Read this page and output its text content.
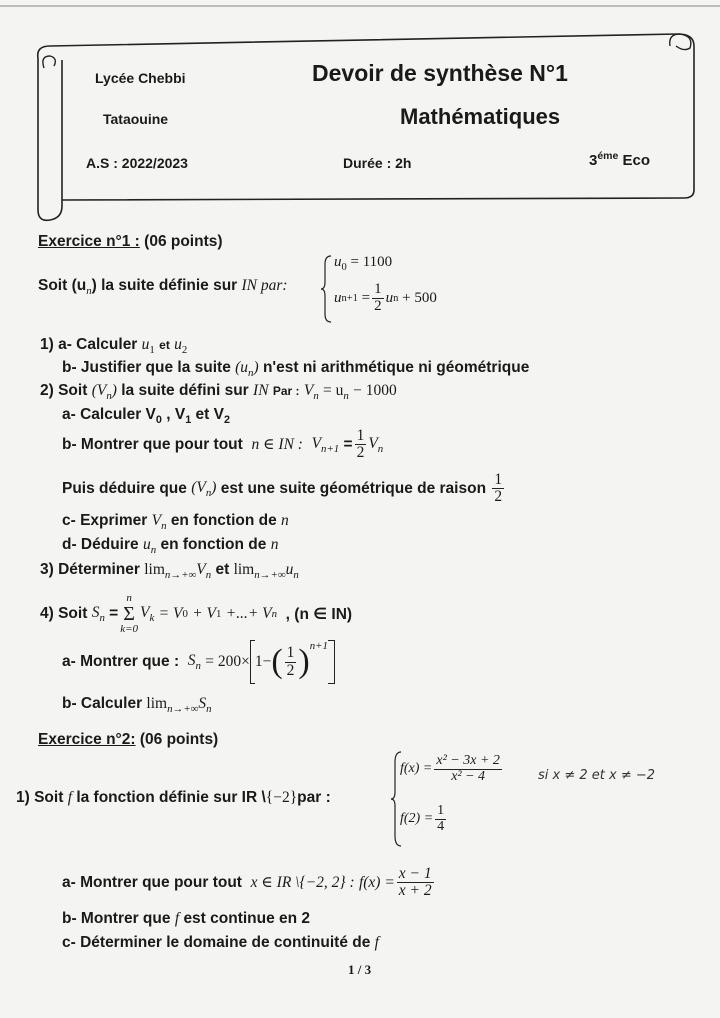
Lycée Chebbi
Tataouine
A.S : 2022/2023
Devoir de synthèse N°1
Mathématiques
Durée : 2h	$3^{éme}$ Eco
Exercice n°1 : (06 points)
Soit $(u_n)$ la suite définie sur IN par:
$u_0 = 1100$
u n+1
= $\frac{1}{2}$ u n
+ 500
1) a- Calculer $u_1$ et $u_2$
b- Justifier que la suite $(u_n)$ n'est ni arithmétique ni géométrique
2) Soit $(V_n)$ la suite défini sur IN Par : $V_n = u_n - 1000$
a- Calculer $V_0$ , $V_1$ et $V_2$
b- Montrer que pour tout
n ∈ IN :
$V_{n+1} = \frac{1}{2} V_n$
Puis déduire que
$(V_n)$
est une suite géométrique de raison
$\frac{1}{2}$
c- Exprimer $V_n$ en fonction de n
d- Déduire $u_n$ en fonction de n
3) Déterminer $\lim_{n\to+\infty}V_n$ et $\lim_{n\to+\infty}u_n$
4) Soit
$S_n$ =
n
Σ
k=0
$V_k$
= V 0
+ V 1
+...+ V n
, (n ∈ IN)
a- Montrer que :
$S_n$
= 200× 1− ( $\frac{1}{2} )^{n+1}$
b- Calculer $\lim_{n\to+\infty}S_n$
Exercice n°2: (06 points)
1) Soit f la fonction définie sur IR \{−2}par :
$f(x) = \frac{\text{x² − 3x + 2}}{\text{x² − 4}}$
$f(2) = \frac{1}{4}$
si x ≠ 2 et x ≠ −2
a- Montrer que pour tout
x ∈ IR \{−2, 2} :
$f(x) = \frac{x - 1}{x + 2}$
b- Montrer que f est continue en 2
c- Déterminer le domaine de continuité de f
1 / 3
